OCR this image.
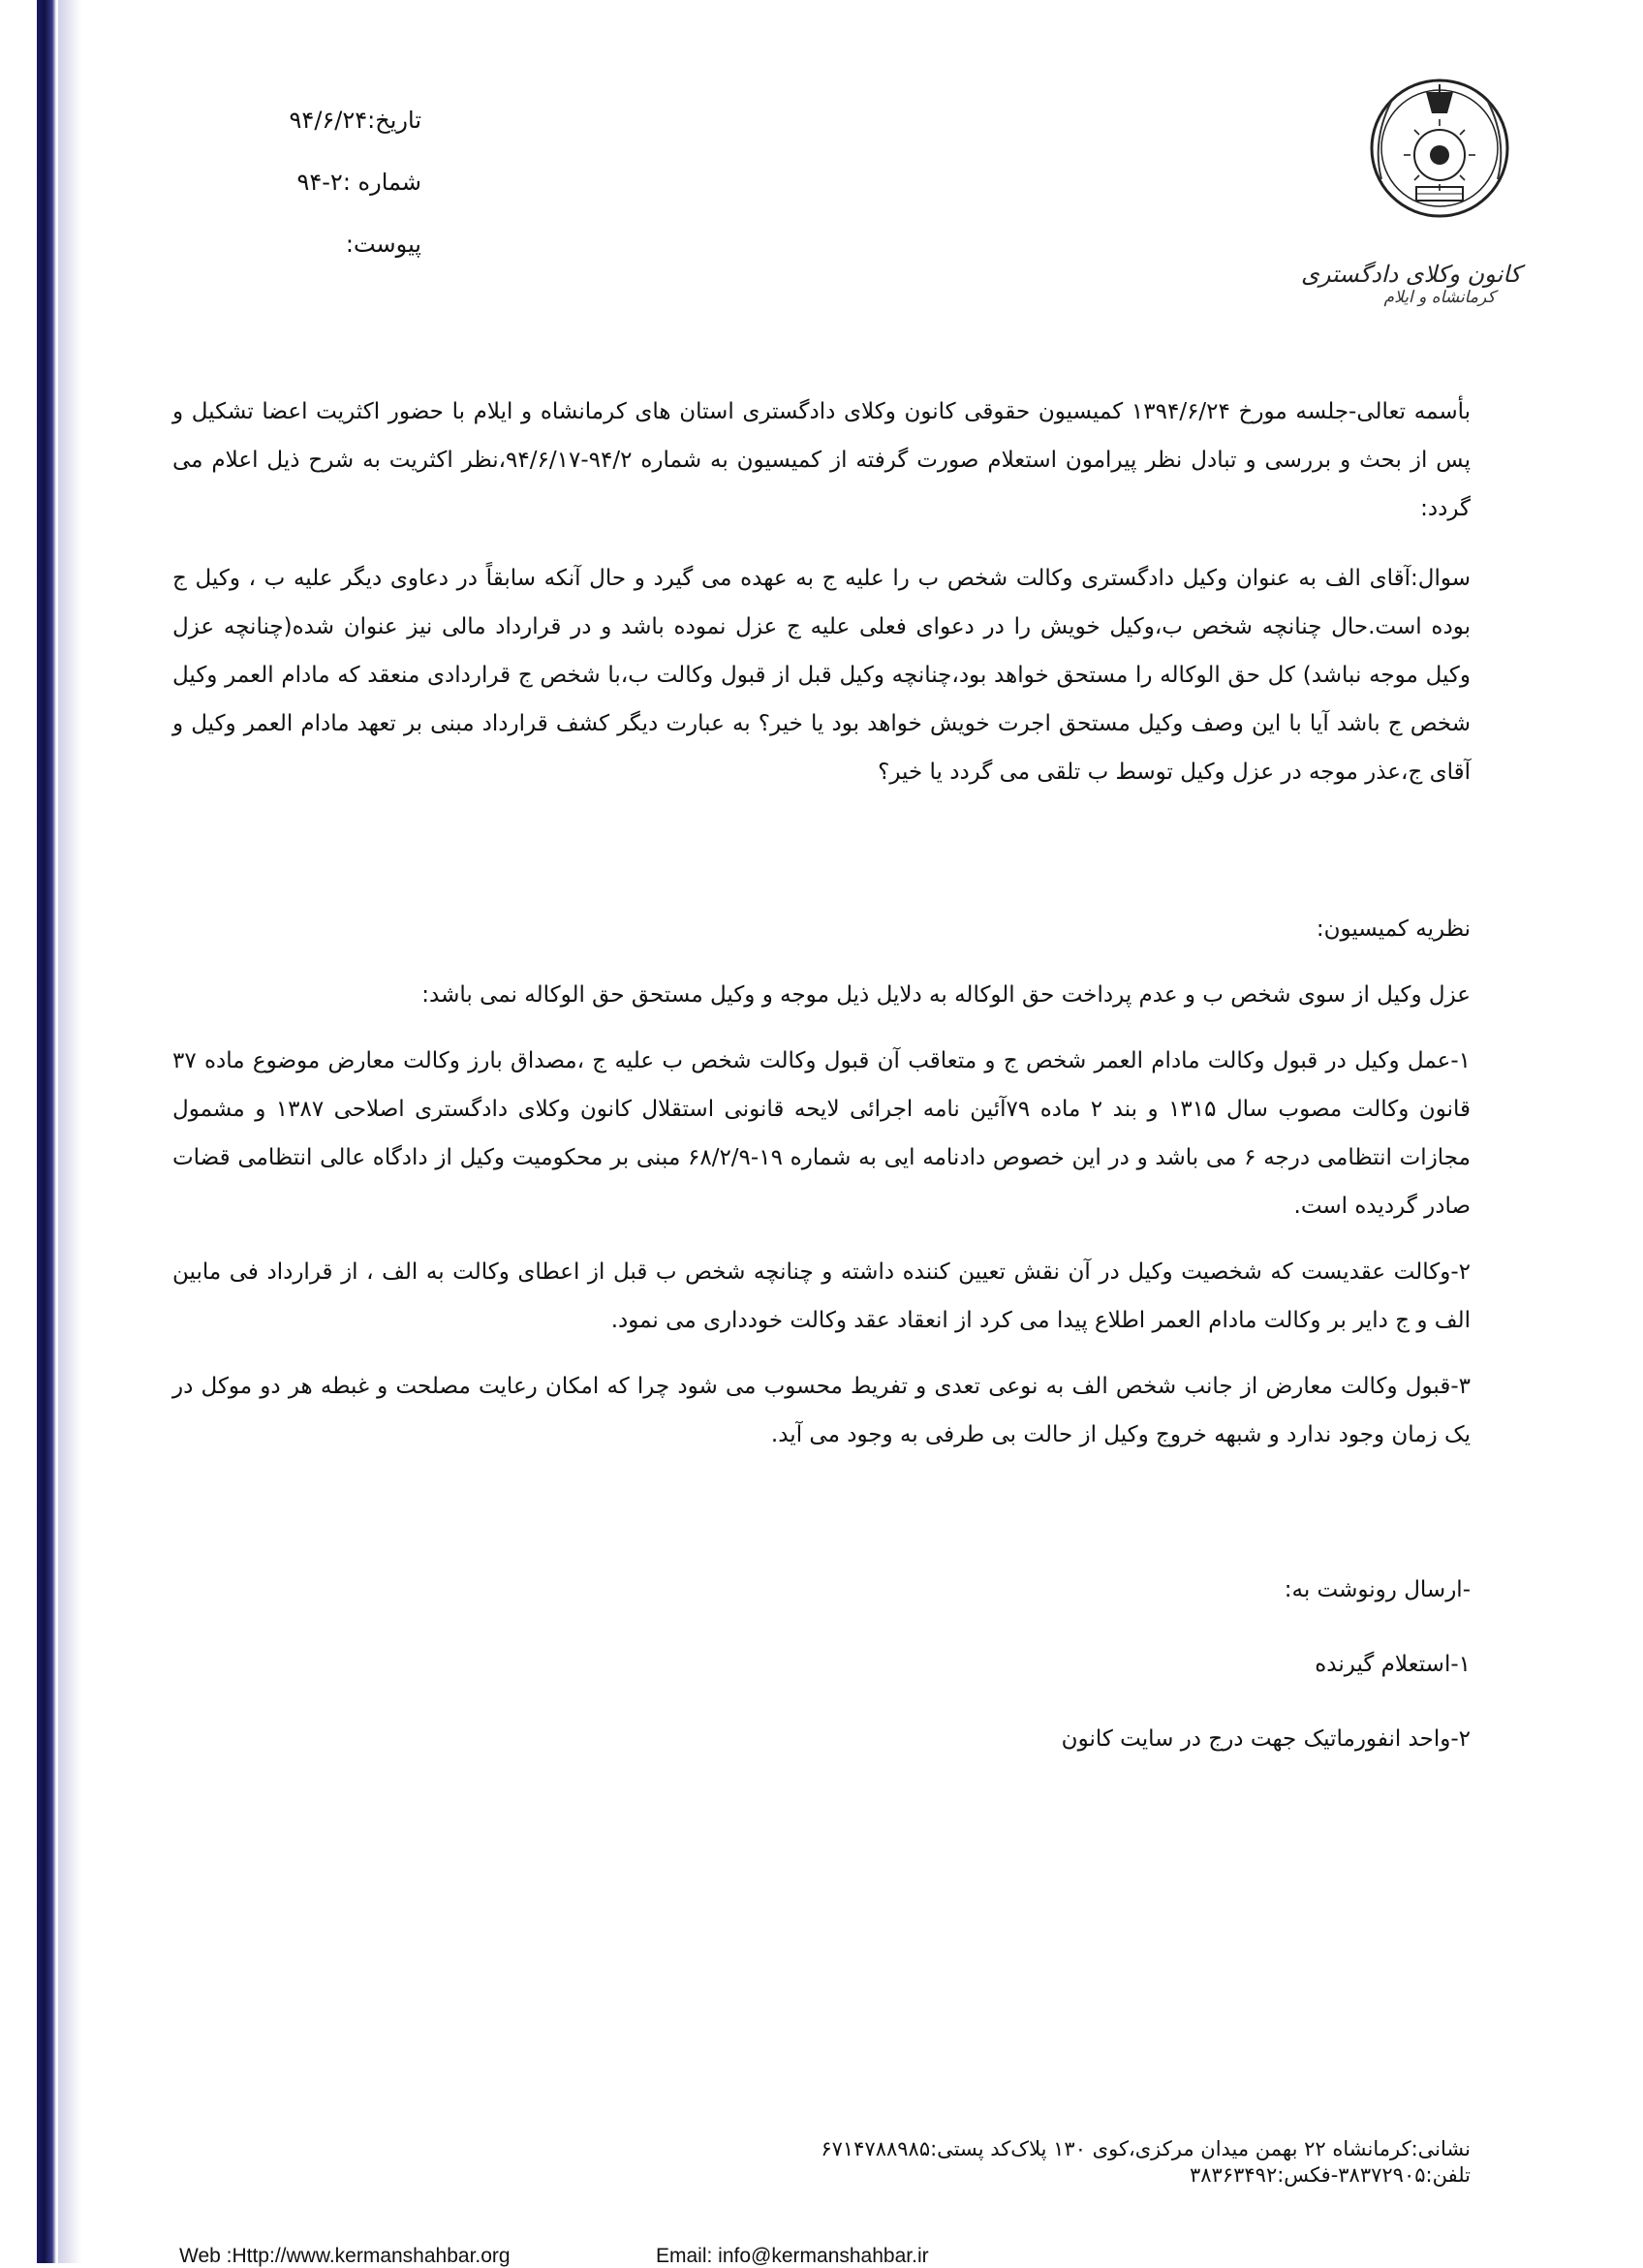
تاریخ:۹۴/۶/۲۴
شماره :۲-۹۴
پیوست:
کانون وکلای دادگستری
کرمانشاه و ایلام

بأسمه تعالی-جلسه مورخ ۱۳۹۴/۶/۲۴ کمیسیون حقوقی کانون وکلای دادگستری استان های کرمانشاه و ایلام با حضور اکثریت اعضا تشکیل و پس از بحث و بررسی و تبادل نظر پیرامون استعلام صورت گرفته از کمیسیون به شماره ۹۴/۲-۹۴/۶/۱۷،نظر اکثریت به شرح ذیل اعلام می گردد:

سوال:آقای الف به عنوان وکیل دادگستری وکالت شخص ب را علیه ج به عهده می گیرد و حال آنکه سابقاً در دعاوی دیگر علیه ب ، وکیل ج بوده است.حال چنانچه شخص ب،وکیل خویش را در دعوای فعلی علیه ج عزل نموده باشد و در قرارداد مالی نیز عنوان شده(چنانچه عزل وکیل موجه نباشد) کل حق الوکاله را مستحق خواهد بود،چنانچه وکیل قبل از قبول وکالت ب،با شخص ج قراردادی منعقد که مادام العمر وکیل شخص ج باشد آیا با این وصف وکیل مستحق اجرت خویش خواهد بود یا خیر؟ به عبارت دیگر کشف قرارداد مبنی بر تعهد مادام العمر وکیل و آقای ج،عذر موجه در عزل وکیل توسط ب تلقی می گردد یا خیر؟

نظریه کمیسیون:

عزل وکیل از سوی شخص ب و عدم پرداخت حق الوکاله به دلایل ذیل موجه و وکیل مستحق حق الوکاله نمی باشد:

۱-عمل وکیل در قبول وکالت مادام العمر شخص ج و متعاقب آن قبول وکالت شخص ب علیه ج ،مصداق بارز وکالت معارض موضوع ماده ۳۷ قانون وکالت مصوب سال ۱۳۱۵ و بند ۲ ماده ۷۹آئین نامه اجرائی لایحه قانونی استقلال کانون وکلای دادگستری اصلاحی ۱۳۸۷ و مشمول مجازات انتظامی درجه ۶ می باشد و در این خصوص دادنامه ایی به شماره ۱۹-۶۸/۲/۹ مبنی بر محکومیت وکیل از دادگاه عالی انتظامی قضات صادر گردیده است.

۲-وکالت عقدیست که شخصیت وکیل در آن نقش تعیین کننده داشته و چنانچه شخص ب قبل از اعطای وکالت به الف ، از قرارداد فی مابین الف و ج دایر بر وکالت مادام العمر اطلاع پیدا می کرد از انعقاد عقد وکالت خودداری می نمود.

۳-قبول وکالت معارض از جانب شخص الف به نوعی تعدی و تفریط محسوب می شود چرا که امکان رعایت مصلحت و غبطه هر دو موکل در یک زمان وجود ندارد و شبهه خروج وکیل از حالت بی طرفی به وجود می آید.

-ارسال رونوشت به:

۱-استعلام گیرنده

۲-واحد انفورماتیک جهت درج در سایت کانون

نشانی:کرمانشاه ۲۲ بهمن میدان مرکزی،کوی ۱۳۰ پلاک‌کد پستی:۶۷۱۴۷۸۸۹۸۵
تلفن:۳۸۳۷۲۹۰۵-فکس:۳۸۳۶۳۴۹۲
Web :Http://www.kermanshahbar.org	Email: info@kermanshahbar.ir
